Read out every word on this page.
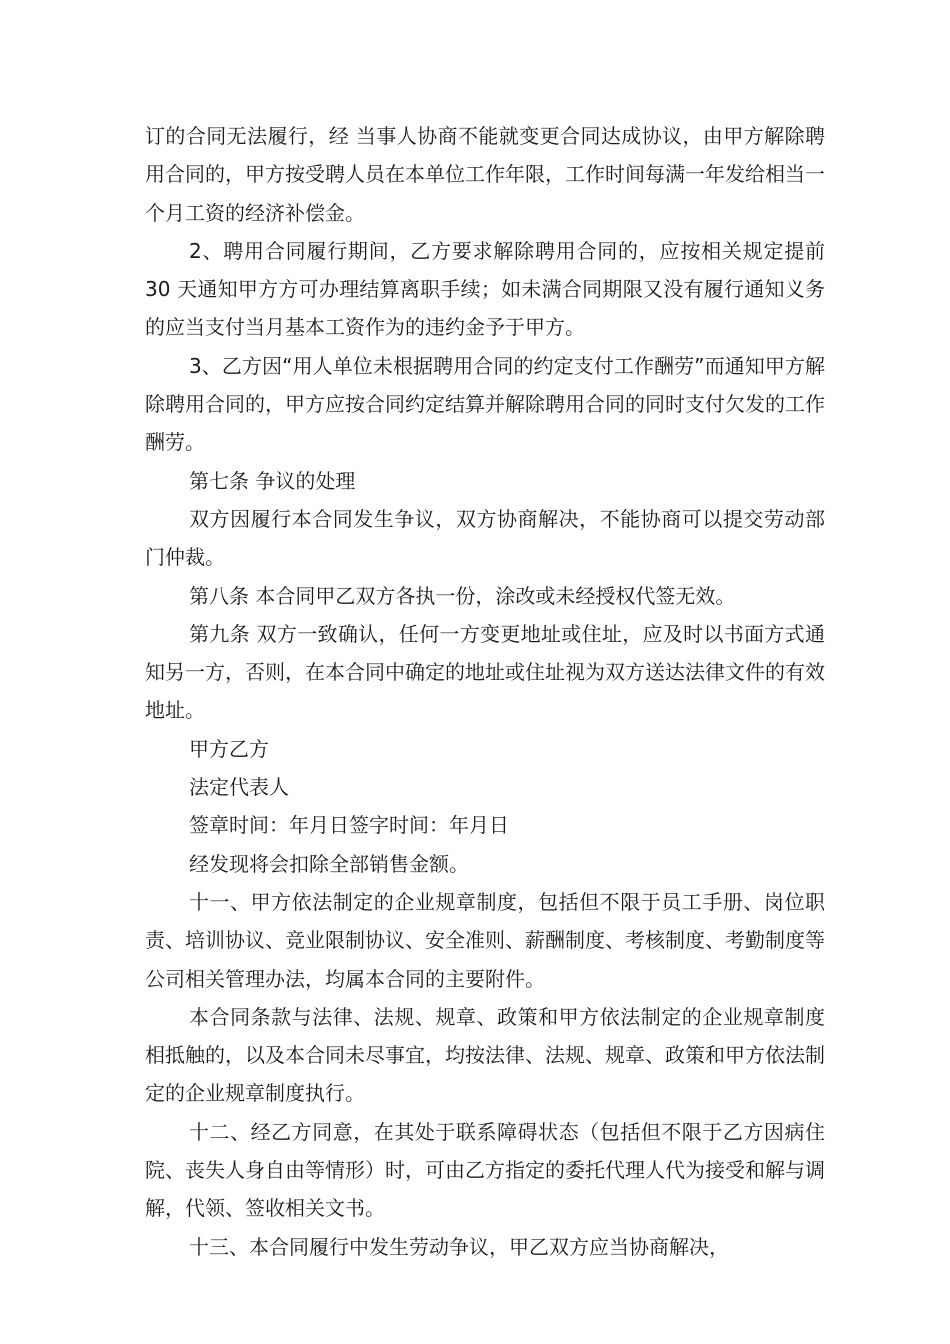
订的合同无法履行，经 当事人协商不能就变更合同达成协议，由甲方解除聘用合同的，甲方按受聘人员在本单位工作年限，工作时间每满一年发给相当一个月工资的经济补偿金。

2、聘用合同履行期间，乙方要求解除聘用合同的，应按相关规定提前 30 天通知甲方方可办理结算离职手续；如未满合同期限又没有履行通知义务的应当支付当月基本工资作为的违约金予于甲方。

3、乙方因“用人单位未根据聘用合同的约定支付工作酬劳”而通知甲方解除聘用合同的，甲方应按合同约定结算并解除聘用合同的同时支付欠发的工作酬劳。

第七条 争议的处理

双方因履行本合同发生争议，双方协商解决，不能协商可以提交劳动部门仲裁。

第八条 本合同甲乙双方各执一份，涂改或未经授权代签无效。

第九条 双方一致确认，任何一方变更地址或住址，应及时以书面方式通知另一方，否则，在本合同中确定的地址或住址视为双方送达法律文件的有效地址。

甲方乙方

法定代表人

签章时间：年月日签字时间：年月日

经发现将会扣除全部销售金额。

十一、甲方依法制定的企业规章制度，包括但不限于员工手册、岗位职责、培训协议、竞业限制协议、安全准则、薪酬制度、考核制度、考勤制度等公司相关管理办法，均属本合同的主要附件。

本合同条款与法律、法规、规章、政策和甲方依法制定的企业规章制度相抵触的，以及本合同未尽事宜，均按法律、法规、规章、政策和甲方依法制定的企业规章制度执行。

十二、经乙方同意，在其处于联系障碍状态（包括但不限于乙方因病住院、丧失人身自由等情形）时，可由乙方指定的委托代理人代为接受和解与调解，代领、签收相关文书。

十三、本合同履行中发生劳动争议，甲乙双方应当协商解决，
